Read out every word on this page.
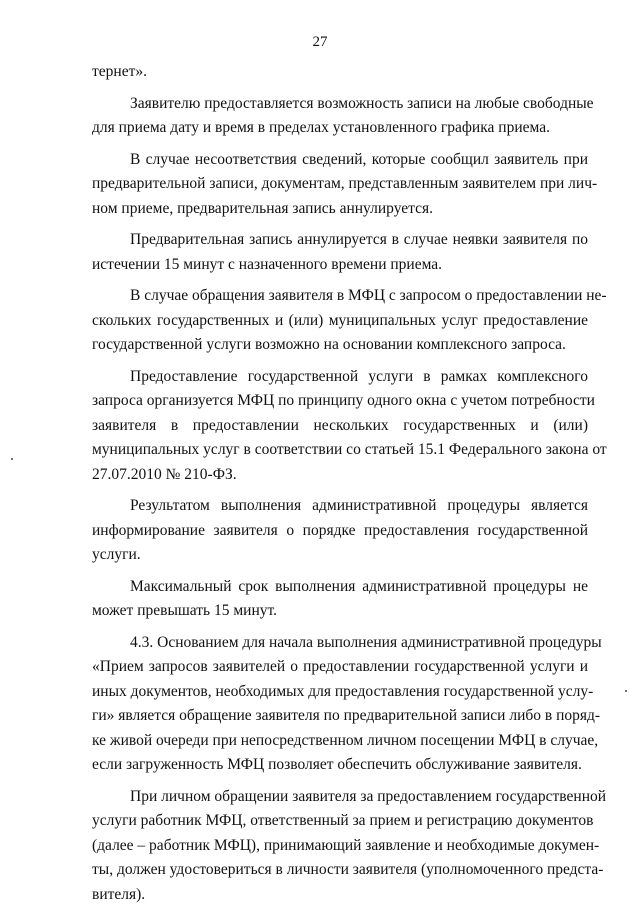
27

тернет».

Заявителю предоставляется возможность записи на любые свободные
для приема дату и время в пределах установленного графика приема.

В случае несоответствия сведений, которые сообщил заявитель при
предварительной записи, документам, представленным заявителем при лич-
ном приеме, предварительная запись аннулируется.

Предварительная запись аннулируется в случае неявки заявителя по
истечении 15 минут с назначенного времени приема.

В случае обращения заявителя в МФЦ с запросом о предоставлении не-
скольких государственных и (или) муниципальных услуг предоставление
государственной услуги возможно на основании комплексного запроса.

Предоставление государственной услуги в рамках комплексного
запроса организуется МФЦ по принципу одного окна с учетом потребности
заявителя в предоставлении нескольких государственных и (или)
муниципальных услуг в соответствии со статьей 15.1 Федерального закона от
27.07.2010 № 210-ФЗ.

Результатом выполнения административной процедуры является
информирование заявителя о порядке предоставления государственной
услуги.

Максимальный срок выполнения административной процедуры не
может превышать 15 минут.

4.3. Основанием для начала выполнения административной процедуры
«Прием запросов заявителей о предоставлении государственной услуги и
иных документов, необходимых для предоставления государственной услу-
ги» является обращение заявителя по предварительной записи либо в поряд-
ке живой очереди при непосредственном личном посещении МФЦ в случае,
если загруженность МФЦ позволяет обеспечить обслуживание заявителя.

При личном обращении заявителя за предоставлением государственной
услуги работник МФЦ, ответственный за прием и регистрацию документов
(далее – работник МФЦ), принимающий заявление и необходимые докумен-
ты, должен удостовериться в личности заявителя (уполномоченного предста-
вителя).
